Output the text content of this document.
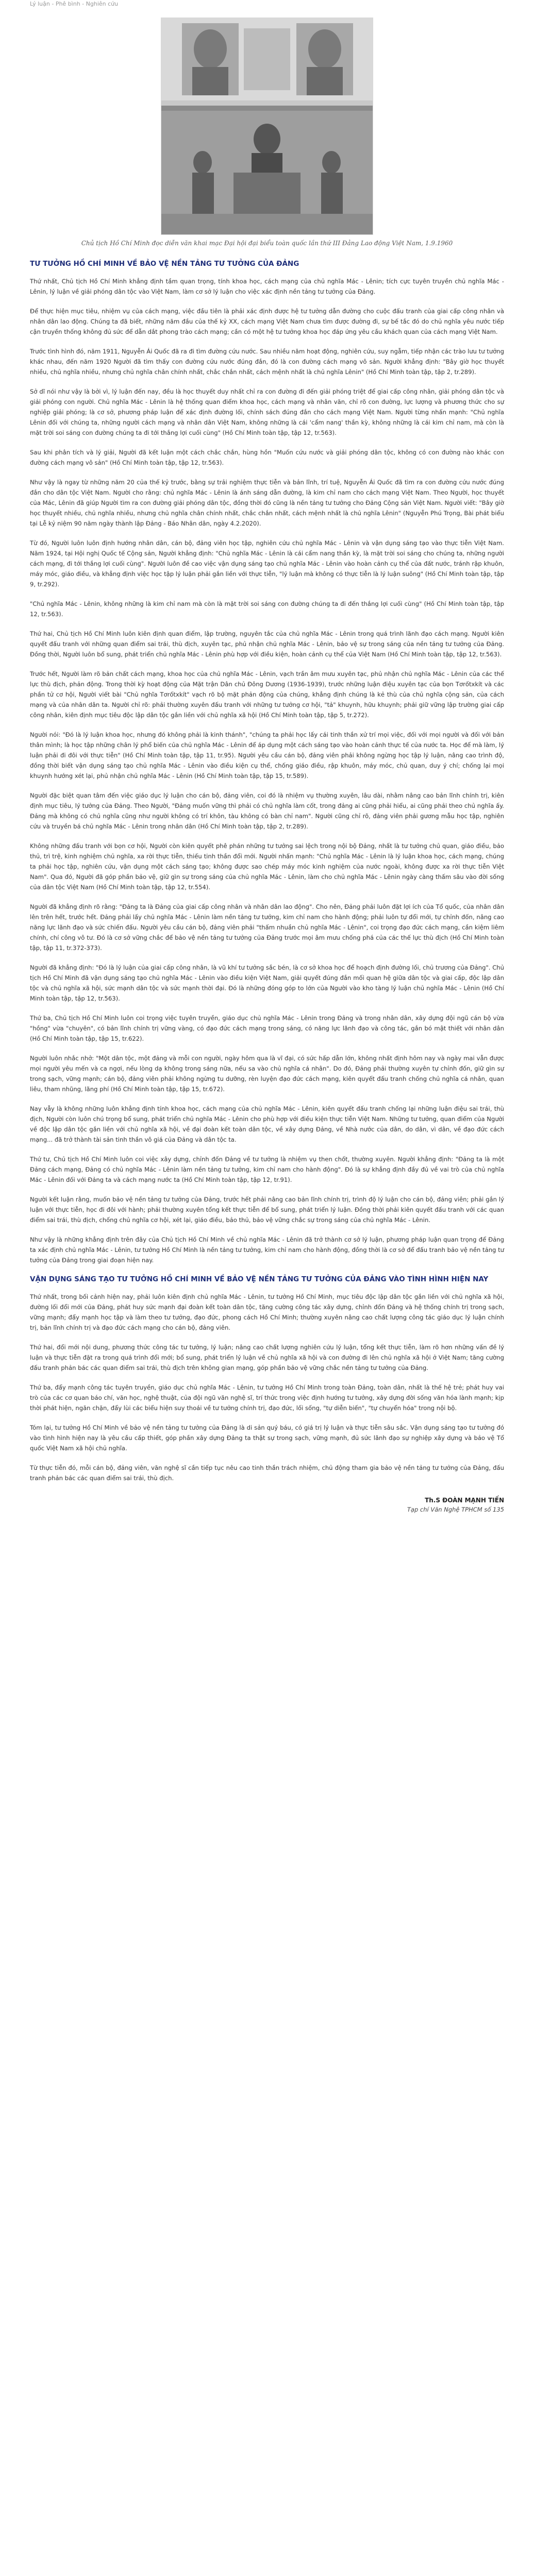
Lý luận - Phê bình - Nghiên cứu
Chủ tịch Hồ Chí Minh đọc diễn văn khai mạc Đại hội đại biểu toàn quốc lần thứ III Đảng Lao động Việt Nam, 1.9.1960
TƯ TƯỞNG HỒ CHÍ MINH VỀ BẢO VỆ NỀN TẢNG TƯ TƯỞNG CỦA ĐẢNG

Thứ nhất, Chủ tịch Hồ Chí Minh khẳng định tầm quan trọng, tính khoa học, cách mạng của chủ nghĩa Mác - Lênin; tích cực tuyên truyền chủ nghĩa Mác - Lênin, lý luận về giải phóng dân tộc vào Việt Nam, làm cơ sở lý luận cho việc xác định nền tảng tư tưởng của Đảng.

Để thực hiện mục tiêu, nhiệm vụ của cách mạng, việc đầu tiên là phải xác định được hệ tư tưởng dẫn đường cho cuộc đấu tranh của giai cấp công nhân và nhân dân lao động. Chúng ta đã biết, những năm đầu của thế kỷ XX, cách mạng Việt Nam chưa tìm được đường đi, sự bế tắc đó do chủ nghĩa yêu nước tiếp cận truyền thống không đủ sức để dẫn dắt phong trào cách mạng; cần có một hệ tư tưởng khoa học đáp ứng yêu cầu khách quan của cách mạng Việt Nam.

Trước tình hình đó, năm 1911, Nguyễn Ái Quốc đã ra đi tìm đường cứu nước. Sau nhiều năm hoạt động, nghiên cứu, suy ngẫm, tiếp nhận các trào lưu tư tưởng khác nhau, đến năm 1920 Người đã tìm thấy con đường cứu nước đúng đắn, đó là con đường cách mạng vô sản. Người khẳng định: "Bây giờ học thuyết nhiều, chủ nghĩa nhiều, nhưng chủ nghĩa chân chính nhất, chắc chắn nhất, cách mệnh nhất là chủ nghĩa Lênin" (Hồ Chí Minh toàn tập, tập 2, tr.289).

Sở dĩ nói như vậy là bởi vì, lý luận đến nay, đều là học thuyết duy nhất chỉ ra con đường đi đến giải phóng triệt để giai cấp công nhân, giải phóng dân tộc và giải phóng con người. Chủ nghĩa Mác - Lênin là hệ thống quan điểm khoa học, cách mạng và nhân văn, chỉ rõ con đường, lực lượng và phương thức cho sự nghiệp giải phóng; là cơ sở, phương pháp luận để xác định đường lối, chính sách đúng đắn cho cách mạng Việt Nam. Người từng nhấn mạnh: "Chủ nghĩa Lênin đối với chúng ta, những người cách mạng và nhân dân Việt Nam, không những là cái 'cẩm nang' thần kỳ, không những là cái kim chỉ nam, mà còn là mặt trời soi sáng con đường chúng ta đi tới thắng lợi cuối cùng" (Hồ Chí Minh toàn tập, tập 12, tr.563).

Sau khi phân tích và lý giải, Người đã kết luận một cách chắc chắn, hùng hồn "Muốn cứu nước và giải phóng dân tộc, không có con đường nào khác con đường cách mạng vô sản" (Hồ Chí Minh toàn tập, tập 12, tr.563).

Như vậy là ngay từ những năm 20 của thế kỷ trước, bằng sự trải nghiệm thực tiễn và bản lĩnh, trí tuệ, Nguyễn Ái Quốc đã tìm ra con đường cứu nước đúng đắn cho dân tộc Việt Nam. Người cho rằng: chủ nghĩa Mác - Lênin là ánh sáng dẫn đường, là kim chỉ nam cho cách mạng Việt Nam. Theo Người, học thuyết của Mác, Lênin đã giúp Người tìm ra con đường giải phóng dân tộc, đồng thời đó cũng là nền tảng tư tưởng cho Đảng Cộng sản Việt Nam. Người viết: "Bây giờ học thuyết nhiều, chủ nghĩa nhiều, nhưng chủ nghĩa chân chính nhất, chắc chắn nhất, cách mệnh nhất là chủ nghĩa Lênin" (Nguyễn Phú Trọng, Bài phát biểu tại Lễ kỷ niệm 90 năm ngày thành lập Đảng - Báo Nhân dân, ngày 4.2.2020).

Từ đó, Người luôn luôn định hướng nhân dân, cán bộ, đảng viên học tập, nghiên cứu chủ nghĩa Mác - Lênin và vận dụng sáng tạo vào thực tiễn Việt Nam. Năm 1924, tại Hội nghị Quốc tế Cộng sản, Người khẳng định: "Chủ nghĩa Mác - Lênin là cái cẩm nang thần kỳ, là mặt trời soi sáng cho chúng ta, những người cách mạng, đi tới thắng lợi cuối cùng". Người luôn đề cao việc vận dụng sáng tạo chủ nghĩa Mác - Lênin vào hoàn cảnh cụ thể của đất nước, tránh rập khuôn, máy móc, giáo điều, và khẳng định việc học tập lý luận phải gắn liền với thực tiễn, "lý luận mà không có thực tiễn là lý luận suông" (Hồ Chí Minh toàn tập, tập 9, tr.292).

"Chủ nghĩa Mác - Lênin, không những là kim chỉ nam mà còn là mặt trời soi sáng con đường chúng ta đi đến thắng lợi cuối cùng" (Hồ Chí Minh toàn tập, tập 12, tr.563).

Thứ hai, Chủ tịch Hồ Chí Minh luôn kiên định quan điểm, lập trường, nguyên tắc của chủ nghĩa Mác - Lênin trong quá trình lãnh đạo cách mạng. Người kiên quyết đấu tranh với những quan điểm sai trái, thù địch, xuyên tạc, phủ nhận chủ nghĩa Mác - Lênin, bảo vệ sự trong sáng của nền tảng tư tưởng của Đảng. Đồng thời, Người luôn bổ sung, phát triển chủ nghĩa Mác - Lênin phù hợp với điều kiện, hoàn cảnh cụ thể của Việt Nam (Hồ Chí Minh toàn tập, tập 12, tr.563).

Trước hết, Người làm rõ bản chất cách mạng, khoa học của chủ nghĩa Mác - Lênin, vạch trần âm mưu xuyên tạc, phủ nhận chủ nghĩa Mác - Lênin của các thế lực thù địch, phản động. Trong thời kỳ hoạt động của Mặt trận Dân chủ Đông Dương (1936-1939), trước những luận điệu xuyên tạc của bọn Tơrốtxkít và các phần tử cơ hội, Người viết bài "Chủ nghĩa Tơrốtxkít" vạch rõ bộ mặt phản động của chúng, khẳng định chúng là kẻ thù của chủ nghĩa cộng sản, của cách mạng và của nhân dân ta. Người chỉ rõ: phải thường xuyên đấu tranh với những tư tưởng cơ hội, "tả" khuynh, hữu khuynh; phải giữ vững lập trường giai cấp công nhân, kiên định mục tiêu độc lập dân tộc gắn liền với chủ nghĩa xã hội (Hồ Chí Minh toàn tập, tập 5, tr.272).

Người nói: "Đó là lý luận khoa học, nhưng đó không phải là kinh thánh", "chúng ta phải học lấy cái tinh thần xử trí mọi việc, đối với mọi người và đối với bản thân mình; là học tập những chân lý phổ biến của chủ nghĩa Mác - Lênin để áp dụng một cách sáng tạo vào hoàn cảnh thực tế của nước ta. Học để mà làm, lý luận phải đi đôi với thực tiễn" (Hồ Chí Minh toàn tập, tập 11, tr.95). Người yêu cầu cán bộ, đảng viên phải không ngừng học tập lý luận, nâng cao trình độ, đồng thời biết vận dụng sáng tạo chủ nghĩa Mác - Lênin vào điều kiện cụ thể, chống giáo điều, rập khuôn, máy móc, chủ quan, duy ý chí; chống lại mọi khuynh hướng xét lại, phủ nhận chủ nghĩa Mác - Lênin (Hồ Chí Minh toàn tập, tập 15, tr.589).

Người đặc biệt quan tâm đến việc giáo dục lý luận cho cán bộ, đảng viên, coi đó là nhiệm vụ thường xuyên, lâu dài, nhằm nâng cao bản lĩnh chính trị, kiên định mục tiêu, lý tưởng của Đảng. Theo Người, "Đảng muốn vững thì phải có chủ nghĩa làm cốt, trong đảng ai cũng phải hiểu, ai cũng phải theo chủ nghĩa ấy. Đảng mà không có chủ nghĩa cũng như người không có trí khôn, tàu không có bàn chỉ nam". Người cũng chỉ rõ, đảng viên phải gương mẫu học tập, nghiên cứu và truyền bá chủ nghĩa Mác - Lênin trong nhân dân (Hồ Chí Minh toàn tập, tập 2, tr.289).

Không những đấu tranh với bọn cơ hội, Người còn kiên quyết phê phán những tư tưởng sai lệch trong nội bộ Đảng, nhất là tư tưởng chủ quan, giáo điều, bảo thủ, trì trệ, kinh nghiệm chủ nghĩa, xa rời thực tiễn, thiếu tinh thần đổi mới. Người nhấn mạnh: "Chủ nghĩa Mác - Lênin là lý luận khoa học, cách mạng, chúng ta phải học tập, nghiên cứu, vận dụng một cách sáng tạo; không được sao chép máy móc kinh nghiệm của nước ngoài, không được xa rời thực tiễn Việt Nam". Qua đó, Người đã góp phần bảo vệ, giữ gìn sự trong sáng của chủ nghĩa Mác - Lênin, làm cho chủ nghĩa Mác - Lênin ngày càng thấm sâu vào đời sống của dân tộc Việt Nam (Hồ Chí Minh toàn tập, tập 12, tr.554).

Người đã khẳng định rõ rằng: "Đảng ta là Đảng của giai cấp công nhân và nhân dân lao động". Cho nên, Đảng phải luôn đặt lợi ích của Tổ quốc, của nhân dân lên trên hết, trước hết. Đảng phải lấy chủ nghĩa Mác - Lênin làm nền tảng tư tưởng, kim chỉ nam cho hành động; phải luôn tự đổi mới, tự chỉnh đốn, nâng cao năng lực lãnh đạo và sức chiến đấu. Người yêu cầu cán bộ, đảng viên phải "thấm nhuần chủ nghĩa Mác - Lênin", coi trọng đạo đức cách mạng, cần kiệm liêm chính, chí công vô tư. Đó là cơ sở vững chắc để bảo vệ nền tảng tư tưởng của Đảng trước mọi âm mưu chống phá của các thế lực thù địch (Hồ Chí Minh toàn tập, tập 11, tr.372-373).

Người đã khẳng định: "Đó là lý luận của giai cấp công nhân, là vũ khí tư tưởng sắc bén, là cơ sở khoa học để hoạch định đường lối, chủ trương của Đảng". Chủ tịch Hồ Chí Minh đã vận dụng sáng tạo chủ nghĩa Mác - Lênin vào điều kiện Việt Nam, giải quyết đúng đắn mối quan hệ giữa dân tộc và giai cấp, độc lập dân tộc và chủ nghĩa xã hội, sức mạnh dân tộc và sức mạnh thời đại. Đó là những đóng góp to lớn của Người vào kho tàng lý luận chủ nghĩa Mác - Lênin (Hồ Chí Minh toàn tập, tập 12, tr.563).

Thứ ba, Chủ tịch Hồ Chí Minh luôn coi trọng việc tuyên truyền, giáo dục chủ nghĩa Mác - Lênin trong Đảng và trong nhân dân, xây dựng đội ngũ cán bộ vừa "hồng" vừa "chuyên", có bản lĩnh chính trị vững vàng, có đạo đức cách mạng trong sáng, có năng lực lãnh đạo và công tác, gắn bó mật thiết với nhân dân (Hồ Chí Minh toàn tập, tập 15, tr.622).

Người luôn nhắc nhở: "Một dân tộc, một đảng và mỗi con người, ngày hôm qua là vĩ đại, có sức hấp dẫn lớn, không nhất định hôm nay và ngày mai vẫn được mọi người yêu mến và ca ngợi, nếu lòng dạ không trong sáng nữa, nếu sa vào chủ nghĩa cá nhân". Do đó, Đảng phải thường xuyên tự chỉnh đốn, giữ gìn sự trong sạch, vững mạnh; cán bộ, đảng viên phải không ngừng tu dưỡng, rèn luyện đạo đức cách mạng, kiên quyết đấu tranh chống chủ nghĩa cá nhân, quan liêu, tham nhũng, lãng phí (Hồ Chí Minh toàn tập, tập 15, tr.672).

Nay vẫy là không những luôn khẳng định tính khoa học, cách mạng của chủ nghĩa Mác - Lênin, kiên quyết đấu tranh chống lại những luận điệu sai trái, thù địch, Người còn luôn chú trọng bổ sung, phát triển chủ nghĩa Mác - Lênin cho phù hợp với điều kiện thực tiễn Việt Nam. Những tư tưởng, quan điểm của Người về độc lập dân tộc gắn liền với chủ nghĩa xã hội, về đại đoàn kết toàn dân tộc, về xây dựng Đảng, về Nhà nước của dân, do dân, vì dân, về đạo đức cách mạng... đã trở thành tài sản tinh thần vô giá của Đảng và dân tộc ta.

Thứ tư, Chủ tịch Hồ Chí Minh luôn coi việc xây dựng, chỉnh đốn Đảng về tư tưởng là nhiệm vụ then chốt, thường xuyên. Người khẳng định: "Đảng ta là một Đảng cách mạng, Đảng có chủ nghĩa Mác - Lênin làm nền tảng tư tưởng, kim chỉ nam cho hành động". Đó là sự khẳng định đầy đủ về vai trò của chủ nghĩa Mác - Lênin đối với Đảng ta và cách mạng nước ta (Hồ Chí Minh toàn tập, tập 12, tr.91).

Người kết luận rằng, muốn bảo vệ nền tảng tư tưởng của Đảng, trước hết phải nâng cao bản lĩnh chính trị, trình độ lý luận cho cán bộ, đảng viên; phải gắn lý luận với thực tiễn, học đi đôi với hành; phải thường xuyên tổng kết thực tiễn để bổ sung, phát triển lý luận. Đồng thời phải kiên quyết đấu tranh với các quan điểm sai trái, thù địch, chống chủ nghĩa cơ hội, xét lại, giáo điều, bảo thủ, bảo vệ vững chắc sự trong sáng của chủ nghĩa Mác - Lênin.

Như vậy là những khẳng định trên đây của Chủ tịch Hồ Chí Minh về chủ nghĩa Mác - Lênin đã trở thành cơ sở lý luận, phương pháp luận quan trọng để Đảng ta xác định chủ nghĩa Mác - Lênin, tư tưởng Hồ Chí Minh là nền tảng tư tưởng, kim chỉ nam cho hành động, đồng thời là cơ sở để đấu tranh bảo vệ nền tảng tư tưởng của Đảng trong giai đoạn hiện nay.

VẬN DỤNG SÁNG TẠO TƯ TƯỞNG HỒ CHÍ MINH VỀ BẢO VỆ NỀN TẢNG TƯ TƯỞNG CỦA ĐẢNG VÀO TÌNH HÌNH HIỆN NAY

Thứ nhất, trong bối cảnh hiện nay, phải luôn kiên định chủ nghĩa Mác - Lênin, tư tưởng Hồ Chí Minh, mục tiêu độc lập dân tộc gắn liền với chủ nghĩa xã hội, đường lối đổi mới của Đảng, phát huy sức mạnh đại đoàn kết toàn dân tộc, tăng cường công tác xây dựng, chỉnh đốn Đảng và hệ thống chính trị trong sạch, vững mạnh; đẩy mạnh học tập và làm theo tư tưởng, đạo đức, phong cách Hồ Chí Minh; thường xuyên nâng cao chất lượng công tác giáo dục lý luận chính trị, bản lĩnh chính trị và đạo đức cách mạng cho cán bộ, đảng viên.

Thứ hai, đổi mới nội dung, phương thức công tác tư tưởng, lý luận; nâng cao chất lượng nghiên cứu lý luận, tổng kết thực tiễn, làm rõ hơn những vấn đề lý luận và thực tiễn đặt ra trong quá trình đổi mới; bổ sung, phát triển lý luận về chủ nghĩa xã hội và con đường đi lên chủ nghĩa xã hội ở Việt Nam; tăng cường đấu tranh phản bác các quan điểm sai trái, thù địch trên không gian mạng, góp phần bảo vệ vững chắc nền tảng tư tưởng của Đảng.

Thứ ba, đẩy mạnh công tác tuyên truyền, giáo dục chủ nghĩa Mác - Lênin, tư tưởng Hồ Chí Minh trong toàn Đảng, toàn dân, nhất là thế hệ trẻ; phát huy vai trò của các cơ quan báo chí, văn học, nghệ thuật, của đội ngũ văn nghệ sĩ, trí thức trong việc định hướng tư tưởng, xây dựng đời sống văn hóa lành mạnh; kịp thời phát hiện, ngăn chặn, đẩy lùi các biểu hiện suy thoái về tư tưởng chính trị, đạo đức, lối sống, "tự diễn biến", "tự chuyển hóa" trong nội bộ.

Tóm lại, tư tưởng Hồ Chí Minh về bảo vệ nền tảng tư tưởng của Đảng là di sản quý báu, có giá trị lý luận và thực tiễn sâu sắc. Vận dụng sáng tạo tư tưởng đó vào tình hình hiện nay là yêu cầu cấp thiết, góp phần xây dựng Đảng ta thật sự trong sạch, vững mạnh, đủ sức lãnh đạo sự nghiệp xây dựng và bảo vệ Tổ quốc Việt Nam xã hội chủ nghĩa.

Từ thực tiễn đó, mỗi cán bộ, đảng viên, văn nghệ sĩ cần tiếp tục nêu cao tinh thần trách nhiệm, chủ động tham gia bảo vệ nền tảng tư tưởng của Đảng, đấu tranh phản bác các quan điểm sai trái, thù địch.

Th.S ĐOÀN MẠNH TIẾN
Tạp chí Văn Nghệ TPHCM số 135
